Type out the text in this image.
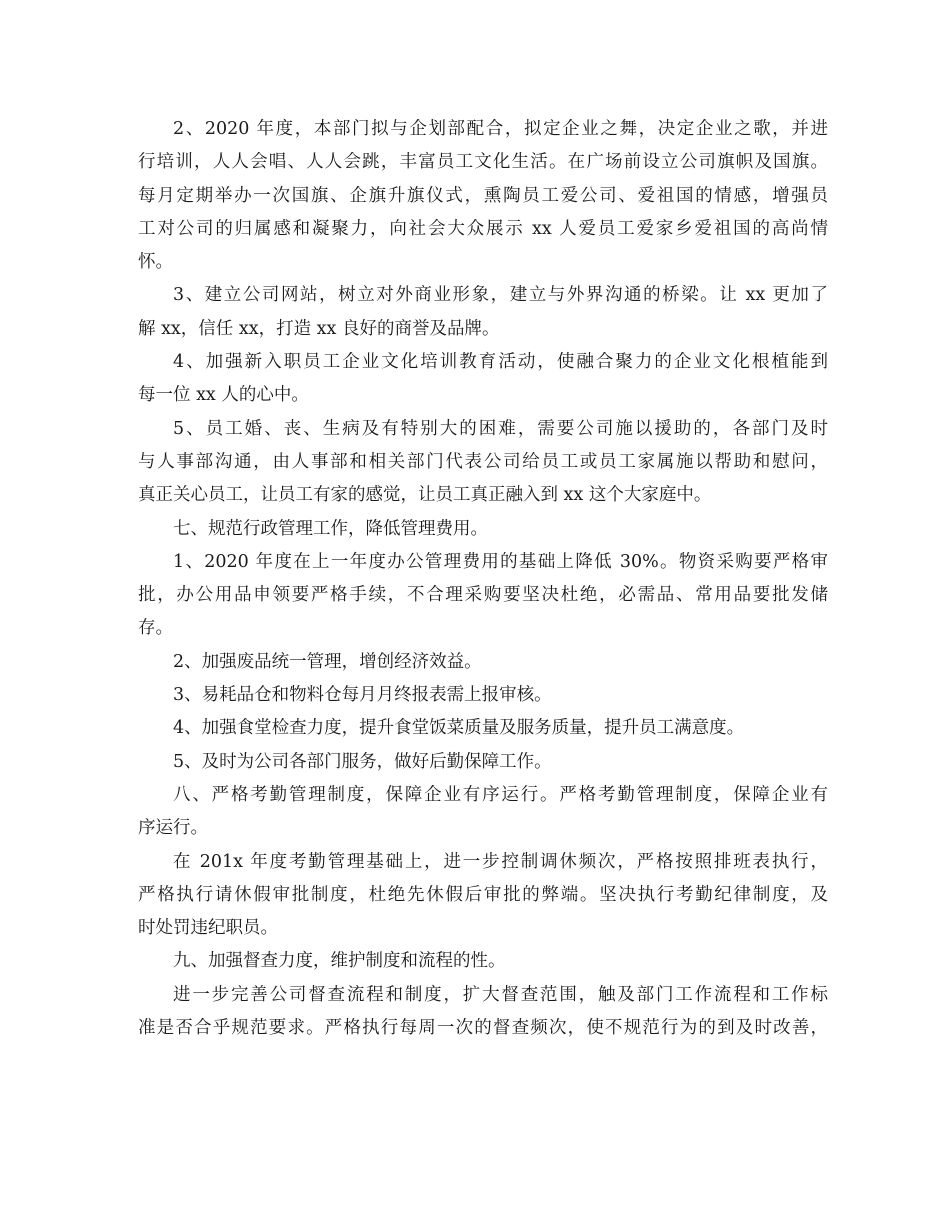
2、2020 年度，本部门拟与企划部配合，拟定企业之舞，决定企业之歌，并进
行培训，人人会唱、人人会跳，丰富员工文化生活。在广场前设立公司旗帜及国旗。
每月定期举办一次国旗、企旗升旗仪式，熏陶员工爱公司、爱祖国的情感，增强员
工对公司的归属感和凝聚力，向社会大众展示 xx 人爱员工爱家乡爱祖国的高尚情
怀。
3、建立公司网站，树立对外商业形象，建立与外界沟通的桥梁。让 xx 更加了
解 xx，信任 xx，打造 xx 良好的商誉及品牌。
4、加强新入职员工企业文化培训教育活动，使融合聚力的企业文化根植能到
每一位 xx 人的心中。
5、员工婚、丧、生病及有特别大的困难，需要公司施以援助的，各部门及时
与人事部沟通，由人事部和相关部门代表公司给员工或员工家属施以帮助和慰问，
真正关心员工，让员工有家的感觉，让员工真正融入到 xx 这个大家庭中。
七、规范行政管理工作，降低管理费用。
1、2020 年度在上一年度办公管理费用的基础上降低 30%。物资采购要严格审
批，办公用品申领要严格手续，不合理采购要坚决杜绝，必需品、常用品要批发储
存。
2、加强废品统一管理，增创经济效益。
3、易耗品仓和物料仓每月月终报表需上报审核。
4、加强食堂检查力度，提升食堂饭菜质量及服务质量，提升员工满意度。
5、及时为公司各部门服务，做好后勤保障工作。
八、严格考勤管理制度，保障企业有序运行。严格考勤管理制度，保障企业有
序运行。
在 201x 年度考勤管理基础上，进一步控制调休频次，严格按照排班表执行，
严格执行请休假审批制度，杜绝先休假后审批的弊端。坚决执行考勤纪律制度，及
时处罚违纪职员。
九、加强督查力度，维护制度和流程的性。
进一步完善公司督查流程和制度，扩大督查范围，触及部门工作流程和工作标
准是否合乎规范要求。严格执行每周一次的督查频次，使不规范行为的到及时改善，
